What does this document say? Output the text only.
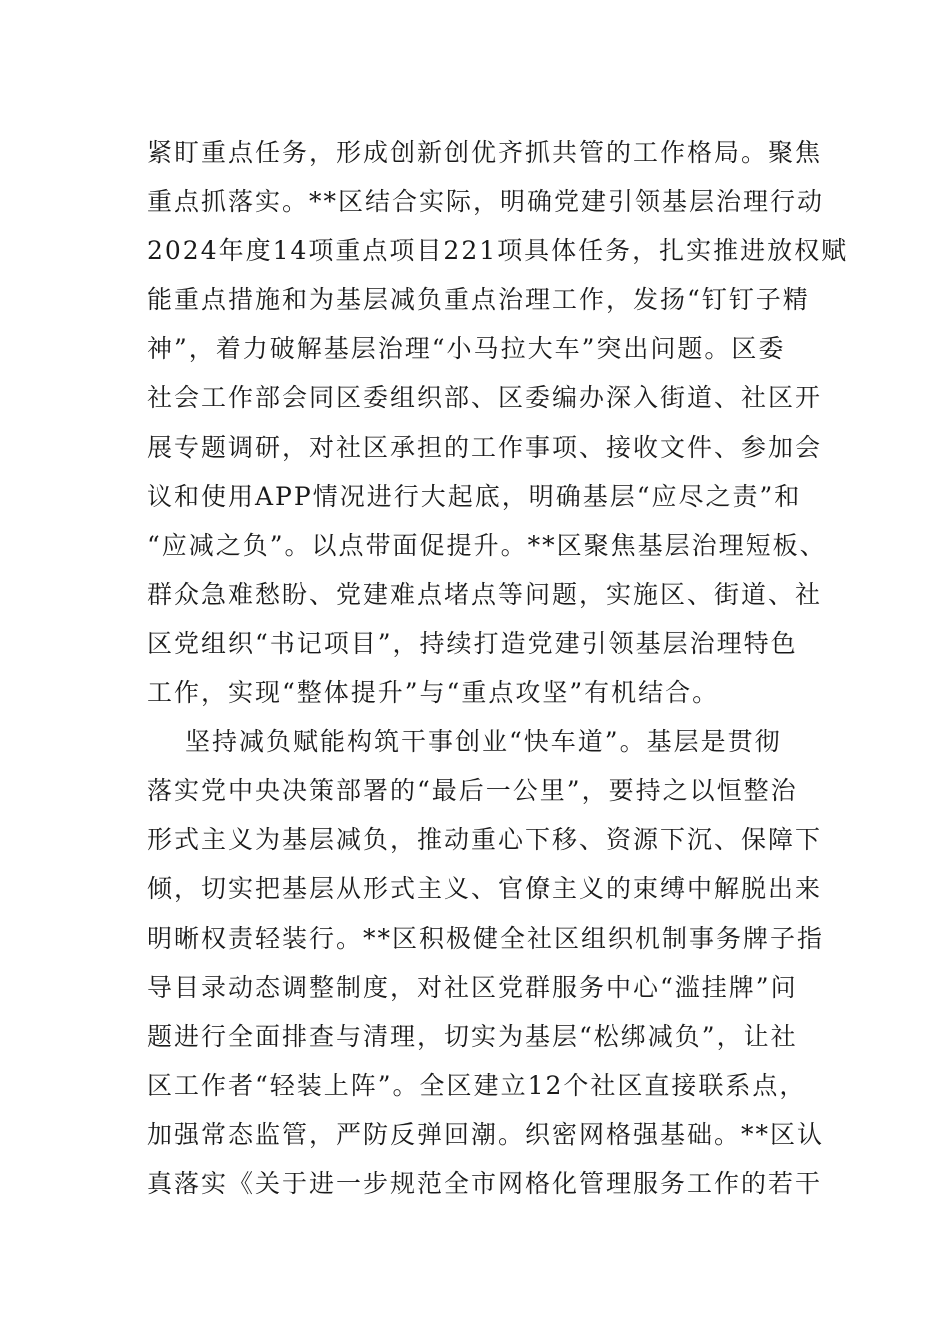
紧盯重点任务，形成创新创优齐抓共管的工作格局。聚焦
重点抓落实。**区结合实际，明确党建引领基层治理行动
2024年度14项重点项目221项具体任务，扎实推进放权赋
能重点措施和为基层减负重点治理工作，发扬“钉钉子精
神”，着力破解基层治理“小马拉大车”突出问题。区委
社会工作部会同区委组织部、区委编办深入街道、社区开
展专题调研，对社区承担的工作事项、接收文件、参加会
议和使用APP情况进行大起底，明确基层“应尽之责”和
“应减之负”。以点带面促提升。**区聚焦基层治理短板、
群众急难愁盼、党建难点堵点等问题，实施区、街道、社
区党组织“书记项目”，持续打造党建引领基层治理特色
工作，实现“整体提升”与“重点攻坚”有机结合。
坚持减负赋能构筑干事创业“快车道”。基层是贯彻
落实党中央决策部署的“最后一公里”，要持之以恒整治
形式主义为基层减负，推动重心下移、资源下沉、保障下
倾，切实把基层从形式主义、官僚主义的束缚中解脱出来
明晰权责轻装行。**区积极健全社区组织机制事务牌子指
导目录动态调整制度，对社区党群服务中心“滥挂牌”问
题进行全面排查与清理，切实为基层“松绑减负”，让社
区工作者“轻装上阵”。全区建立12个社区直接联系点，
加强常态监管，严防反弹回潮。织密网格强基础。**区认
真落实《关于进一步规范全市网格化管理服务工作的若干
